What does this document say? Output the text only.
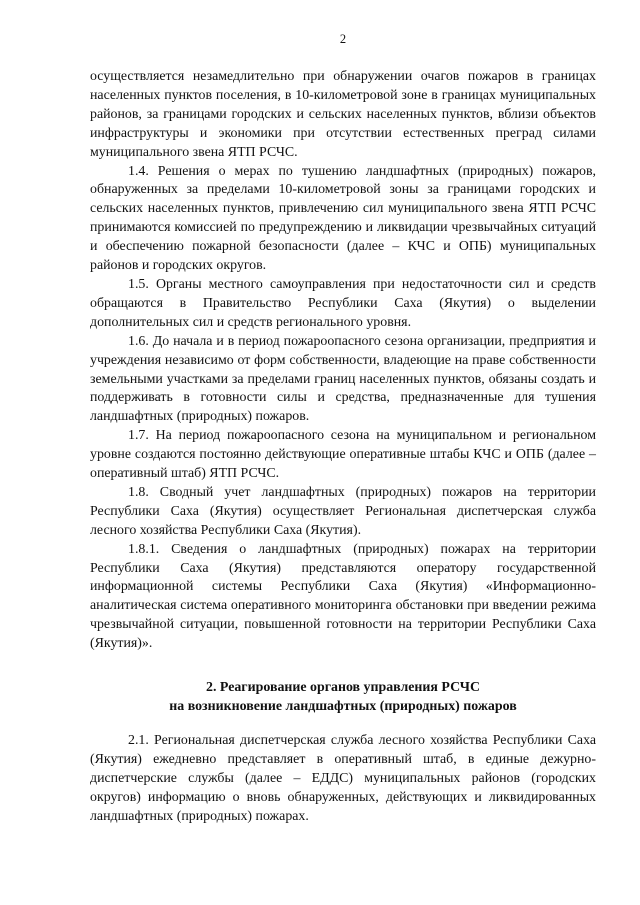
2

осуществляется незамедлительно при обнаружении очагов пожаров в границах населенных пунктов поселения, в 10-километровой зоне в границах муниципальных районов, за границами городских и сельских населенных пунктов, вблизи объектов инфраструктуры и экономики при отсутствии естественных преград силами муниципального звена ЯТП РСЧС.

1.4. Решения о мерах по тушению ландшафтных (природных) пожаров, обнаруженных за пределами 10-километровой зоны за границами городских и сельских населенных пунктов, привлечению сил муниципального звена ЯТП РСЧС принимаются комиссией по предупреждению и ликвидации чрезвычайных ситуаций и обеспечению пожарной безопасности (далее – КЧС и ОПБ) муниципальных районов и городских округов.

1.5. Органы местного самоуправления при недостаточности сил и средств обращаются в Правительство Республики Саха (Якутия) о выделении дополнительных сил и средств регионального уровня.

1.6. До начала и в период пожароопасного сезона организации, предприятия и учреждения независимо от форм собственности, владеющие на праве собственности земельными участками за пределами границ населенных пунктов, обязаны создать и поддерживать в готовности силы и средства, предназначенные для тушения ландшафтных (природных) пожаров.

1.7. На период пожароопасного сезона на муниципальном и региональном уровне создаются постоянно действующие оперативные штабы КЧС и ОПБ (далее – оперативный штаб) ЯТП РСЧС.

1.8. Сводный учет ландшафтных (природных) пожаров на территории Республики Саха (Якутия) осуществляет Региональная диспетчерская служба лесного хозяйства Республики Саха (Якутия).

1.8.1. Сведения о ландшафтных (природных) пожарах на территории Республики Саха (Якутия) представляются оператору государственной информационной системы Республики Саха (Якутия) «Информационно-аналитическая система оперативного мониторинга обстановки при введении режима чрезвычайной ситуации, повышенной готовности на территории Республики Саха (Якутия)».

2. Реагирование органов управления РСЧС
на возникновение ландшафтных (природных) пожаров

2.1. Региональная диспетчерская служба лесного хозяйства Республики Саха (Якутия) ежедневно представляет в оперативный штаб, в единые дежурно-диспетчерские службы (далее – ЕДДС) муниципальных районов (городских округов) информацию о вновь обнаруженных, действующих и ликвидированных ландшафтных (природных) пожарах.
